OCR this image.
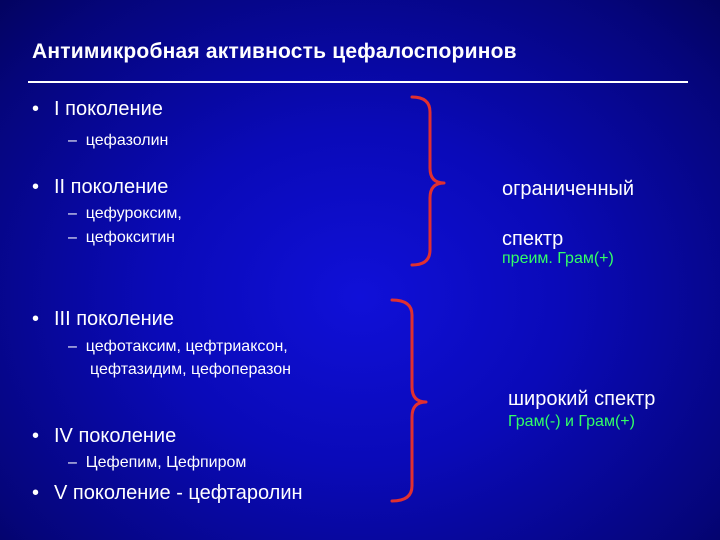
Антимикробная активность цефалоспоринов
• I поколение
– цефазолин
• II поколение
– цефуроксим,
– цефокситин
• III поколение
– цефотаксим, цефтриаксон,
цефтазидим, цефоперазон
• IV поколение
– Цефепим, Цефпиром
• V поколение - цефтаролин
ограниченный
спектр
преим. Грам(+)
широкий спектр
Грам(-) и Грам(+)
